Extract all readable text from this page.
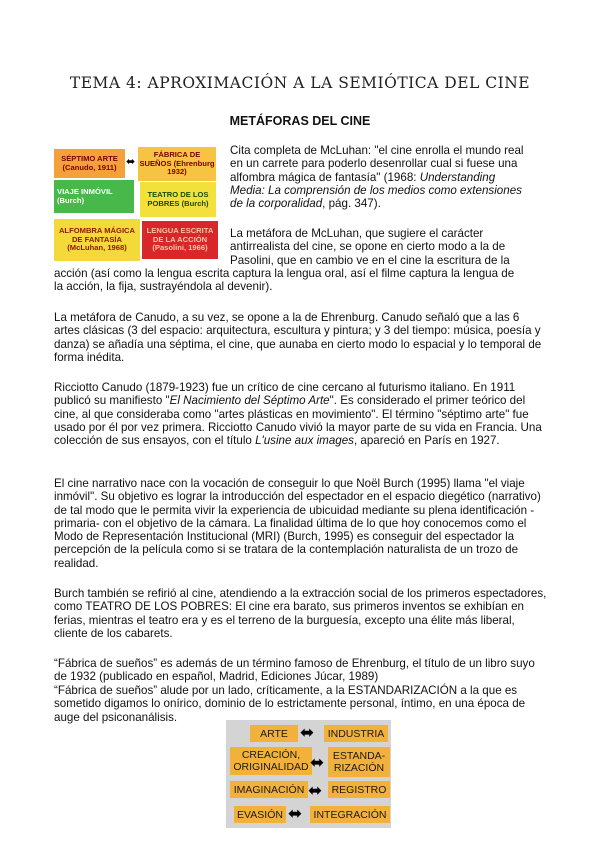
TEMA 4: APROXIMACIÓN A LA SEMIÓTICA DEL CINE
METÁFORAS DEL CINE
SÉPTIMO ARTE (Canudo, 1911) ⬌
FÁBRICA DE SUEÑOS (Ehrenburg 1932)
VIAJE INMÓVIL (Burch)
TEATRO DE LOS POBRES (Burch)
ALFOMBRA MÁGICA DE FANTASÍA (McLuhan, 1968)
LENGUA ESCRITA DE LA ACCIÓN (Pasolini, 1966)
Cita completa de McLuhan: "el cine enrolla el mundo real
en un carrete para poderlo desenrollar cual si fuese una
alfombra mágica de fantasía" (1968: Understanding
Media: La comprensión de los medios como extensiones
de la corporalidad, pág. 347).
La metáfora de McLuhan, que sugiere el carácter
antirrealista del cine, se opone en cierto modo a la de
Pasolini, que en cambio ve en el cine la escritura de la
acción (así como la lengua escrita captura la lengua oral, así el filme captura la lengua de
la acción, la fija, sustrayéndola al devenir).

La metáfora de Canudo, a su vez, se opone a la de Ehrenburg. Canudo señaló que a las 6 artes clásicas (3 del espacio: arquitectura, escultura y pintura; y 3 del tiempo: música, poesía y danza) se añadía una séptima, el cine, que aunaba en cierto modo lo espacial y lo temporal de forma inédita.

Ricciotto Canudo (1879-1923) fue un crítico de cine cercano al futurismo italiano. En 1911 publicó su manifiesto "El Nacimiento del Séptimo Arte". Es considerado el primer teórico del cine, al que consideraba como "artes plásticas en movimiento". El término "séptimo arte" fue usado por él por vez primera. Ricciotto Canudo vivió la mayor parte de su vida en Francia. Una colección de sus ensayos, con el título L'usine aux images, apareció en París en 1927.

El cine narrativo nace con la vocación de conseguir lo que Noël Burch (1995) llama "el viaje inmóvil". Su objetivo es lograr la introducción del espectador en el espacio diegético (narrativo) de tal modo que le permita vivir la experiencia de ubicuidad mediante su plena identificación -primaria- con el objetivo de la cámara. La finalidad última de lo que hoy conocemos como el Modo de Representación Institucional (MRI) (Burch, 1995) es conseguir del espectador la percepción de la película como si se tratara de la contemplación naturalista de un trozo de realidad.

Burch también se refirió al cine, atendiendo a la extracción social de los primeros espectadores, como TEATRO DE LOS POBRES: El cine era barato, sus primeros inventos se exhibían en ferias, mientras el teatro era y es el terreno de la burguesía, excepto una élite más liberal, cliente de los cabarets.

“Fábrica de sueños” es además de un término famoso de Ehrenburg, el título de un libro suyo de 1932 (publicado en español, Madrid, Ediciones Júcar, 1989)

“Fábrica de sueños” alude por un lado, críticamente, a la ESTANDARIZACIÓN a la que es sometido digamos lo onírico, dominio de lo estrictamente personal, íntimo, en una época de auge del psiconanálisis.

ARTE ⬌	INDUSTRIA
CREACIÓN, ORIGINALIDAD ⬌ ESTANDA-RIZACIÓN
IMAGINACIÓN ⬌ REGISTRO
EVASIÓN ⬌	INTEGRACIÓN
